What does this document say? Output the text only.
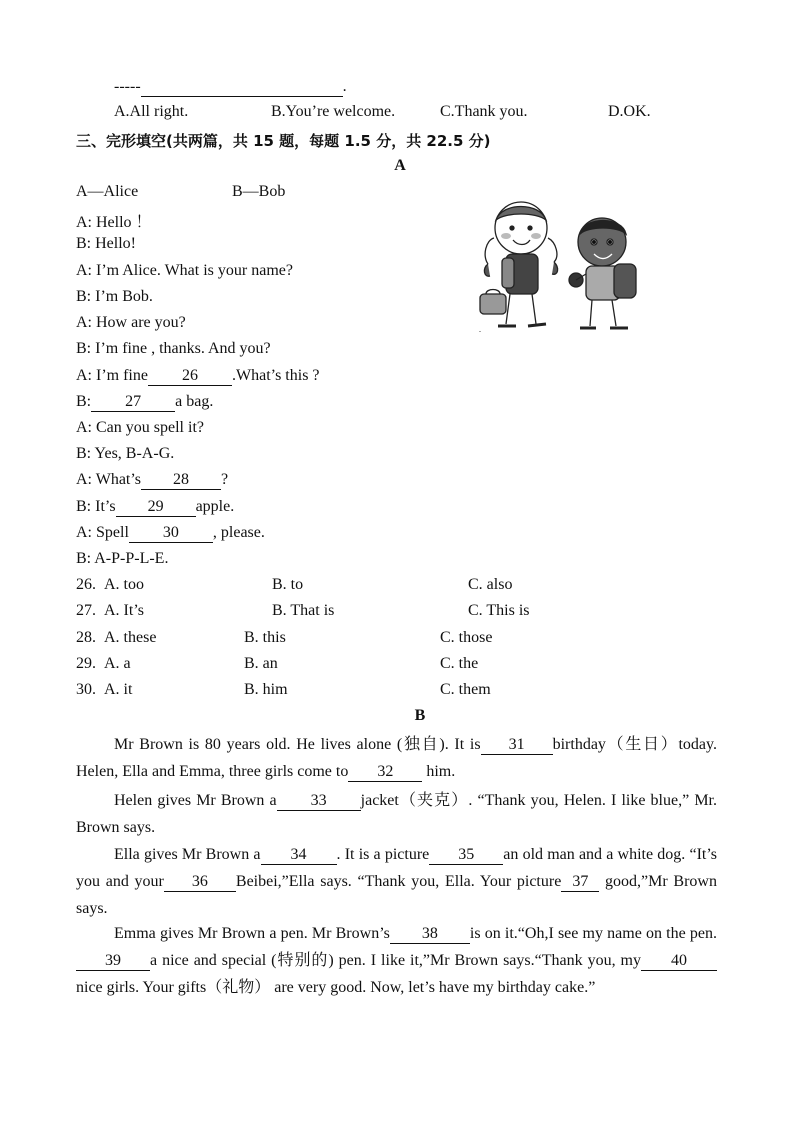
-----	.
A.All right.	B.You’re welcome.	C.Thank you.	D.OK.
三、完形填空(共两篇，共 15 题，每题 1.5 分，共 22.5 分)
A
A—Alice	B—Bob
A: Hello ！
B: Hello!
A: I’m Alice. What is your name?
B: I’m Bob.
A: How are you?
B: I’m fine , thanks. And you?
A: I’m fine 26 .What’s this ?
B: 27 a bag.
A: Can you spell it?
B: Yes, B-A-G.
A: What’s 28 ?
B: It’s 29 apple.
A: Spell 30 , please.
B: A-P-P-L-E.
.
26. A. too	B. to	C. also
27. A. It’s	B. That is	C. This is
28. A. these	B. this	C. those
29. A. a	B. an	C. the
30. A. it	B. him	C. them
B
Mr Brown is 80 years old. He lives alone (独自). It is 31 birthday（生日）today. Helen, Ella and Emma, three girls come to 32 him.
Helen gives Mr Brown a 33 jacket（夹克）. “Thank you, Helen. I like blue,” Mr. Brown says.
Ella gives Mr Brown a 34 . It is a picture 35 an old man and a white dog. “It’s you and your 36 Beibei,”Ella says. “Thank you, Ella. Your picture 37 good,”Mr Brown says.
Emma gives Mr Brown a pen. Mr Brown’s 38 is on it.“Oh,I see my name on the pen.39 a nice and special (特别的) pen. I like it,”Mr Brown says.“Thank you, my 40nice girls. Your gifts（礼物） are very good. Now, let’s have my birthday cake.”
